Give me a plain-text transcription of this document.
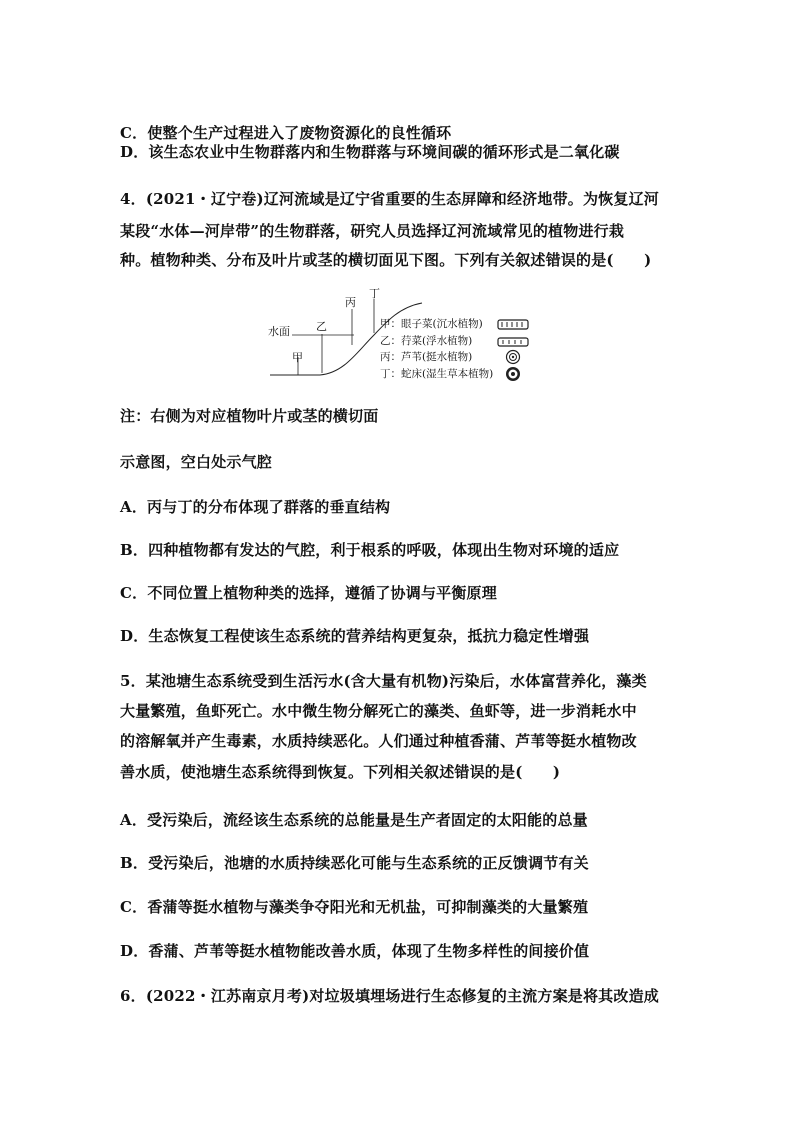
C．使整个生产过程进入了废物资源化的良性循环
D．该生态农业中生物群落内和生物群落与环境间碳的循环形式是二氧化碳
4．(2021・辽宁卷)辽河流域是辽宁省重要的生态屏障和经济地带。为恢复辽河
某段“水体—河岸带”的生物群落，研究人员选择辽河流域常见的植物进行栽
种。植物种类、分布及叶片或茎的横切面见下图。下列有关叙述错误的是(　　)
水面
甲
乙
丙
丁
甲：眼子菜(沉水植物)
乙：荇菜(浮水植物)
丙：芦苇(挺水植物)
丁：蛇床(湿生草本植物)
注：右侧为对应植物叶片或茎的横切面
示意图，空白处示气腔
A．丙与丁的分布体现了群落的垂直结构
B．四种植物都有发达的气腔，利于根系的呼吸，体现出生物对环境的适应
C．不同位置上植物种类的选择，遵循了协调与平衡原理
D．生态恢复工程使该生态系统的营养结构更复杂，抵抗力稳定性增强
5．某池塘生态系统受到生活污水(含大量有机物)污染后，水体富营养化，藻类
大量繁殖，鱼虾死亡。水中微生物分解死亡的藻类、鱼虾等，进一步消耗水中
的溶解氧并产生毒素，水质持续恶化。人们通过种植香蒲、芦苇等挺水植物改
善水质，使池塘生态系统得到恢复。下列相关叙述错误的是(　　)
A．受污染后，流经该生态系统的总能量是生产者固定的太阳能的总量
B．受污染后，池塘的水质持续恶化可能与生态系统的正反馈调节有关
C．香蒲等挺水植物与藻类争夺阳光和无机盐，可抑制藻类的大量繁殖
D．香蒲、芦苇等挺水植物能改善水质，体现了生物多样性的间接价值
6．(2022・江苏南京月考)对垃圾填埋场进行生态修复的主流方案是将其改造成
